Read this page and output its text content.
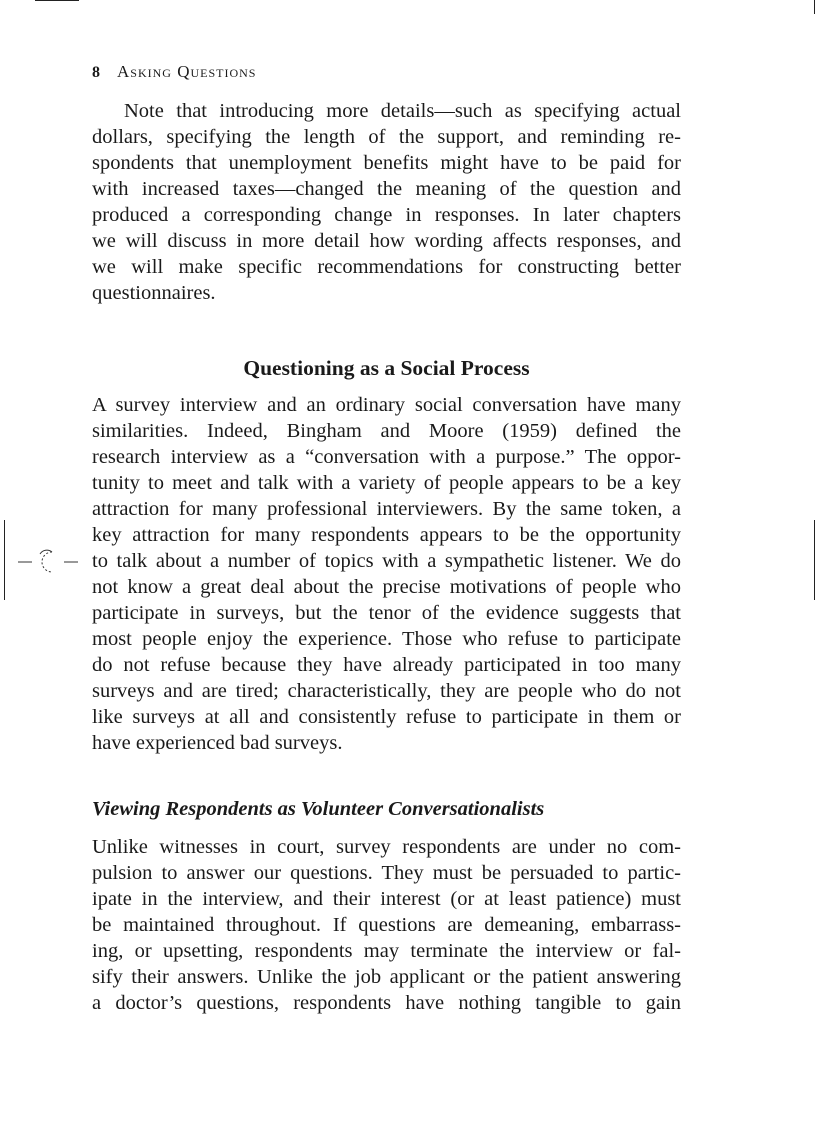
8 Asking Questions
Note that introducing more details—such as specifying actual
dollars, specifying the length of the support, and reminding re-
spondents that unemployment benefits might have to be paid for
with increased taxes—changed the meaning of the question and
produced a corresponding change in responses. In later chapters
we will discuss in more detail how wording affects responses, and
we will make specific recommendations for constructing better
questionnaires.
Questioning as a Social Process
A survey interview and an ordinary social conversation have many
similarities. Indeed, Bingham and Moore (1959) defined the
research interview as a “conversation with a purpose.” The oppor-
tunity to meet and talk with a variety of people appears to be a key
attraction for many professional interviewers. By the same token, a
key attraction for many respondents appears to be the opportunity
to talk about a number of topics with a sympathetic listener. We do
not know a great deal about the precise motivations of people who
participate in surveys, but the tenor of the evidence suggests that
most people enjoy the experience. Those who refuse to participate
do not refuse because they have already participated in too many
surveys and are tired; characteristically, they are people who do not
like surveys at all and consistently refuse to participate in them or
have experienced bad surveys.
Viewing Respondents as Volunteer Conversationalists
Unlike witnesses in court, survey respondents are under no com-
pulsion to answer our questions. They must be persuaded to partic-
ipate in the interview, and their interest (or at least patience) must
be maintained throughout. If questions are demeaning, embarrass-
ing, or upsetting, respondents may terminate the interview or fal-
sify their answers. Unlike the job applicant or the patient answering
a doctor’s questions, respondents have nothing tangible to gain
